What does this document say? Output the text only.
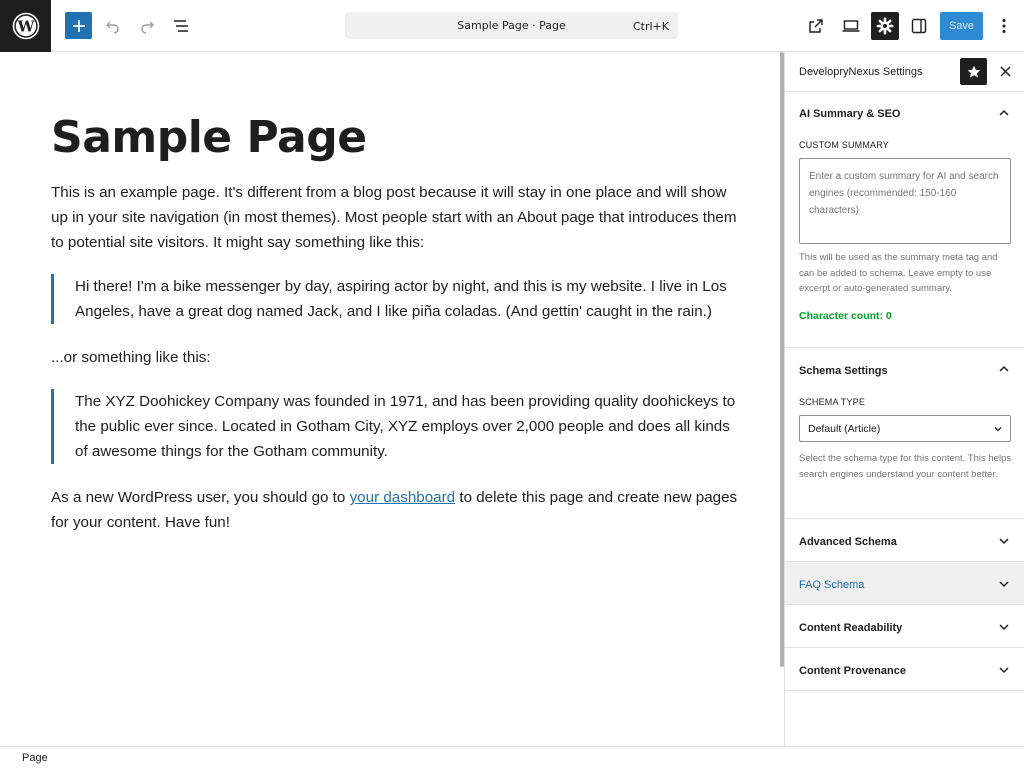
W	Sample Page · Page	Ctrl+K	Save
Sample Page

This is an example page. It's different from a blog post because it will stay in one place and will show up in your site navigation (in most themes). Most people start with an About page that introduces them to potential site visitors. It might say something like this:

Hi there! I'm a bike messenger by day, aspiring actor by night, and this is my website. I live in Los Angeles, have a great dog named Jack, and I like piña coladas. (And gettin' caught in the rain.)

...or something like this:

The XYZ Doohickey Company was founded in 1971, and has been providing quality doohickeys to the public ever since. Located in Gotham City, XYZ employs over 2,000 people and does all kinds of awesome things for the Gotham community.

As a new WordPress user, you should go to your dashboard to delete this page and create new pages for your content. Have fun!

DevelopryNexus Settings
AI Summary & SEO
CUSTOM SUMMARY
Enter a custom summary for AI and search engines (recommended: 150-160 characters)

This will be used as the summary meta tag and can be added to schema. Leave empty to use excerpt or auto-generated summary.

Character count: 0
Schema Settings
SCHEMA TYPE
Default (Article)

Select the schema type for this content. This helps search engines understand your content better.

Advanced Schema
FAQ Schema
Content Readability
Content Provenance
Page
